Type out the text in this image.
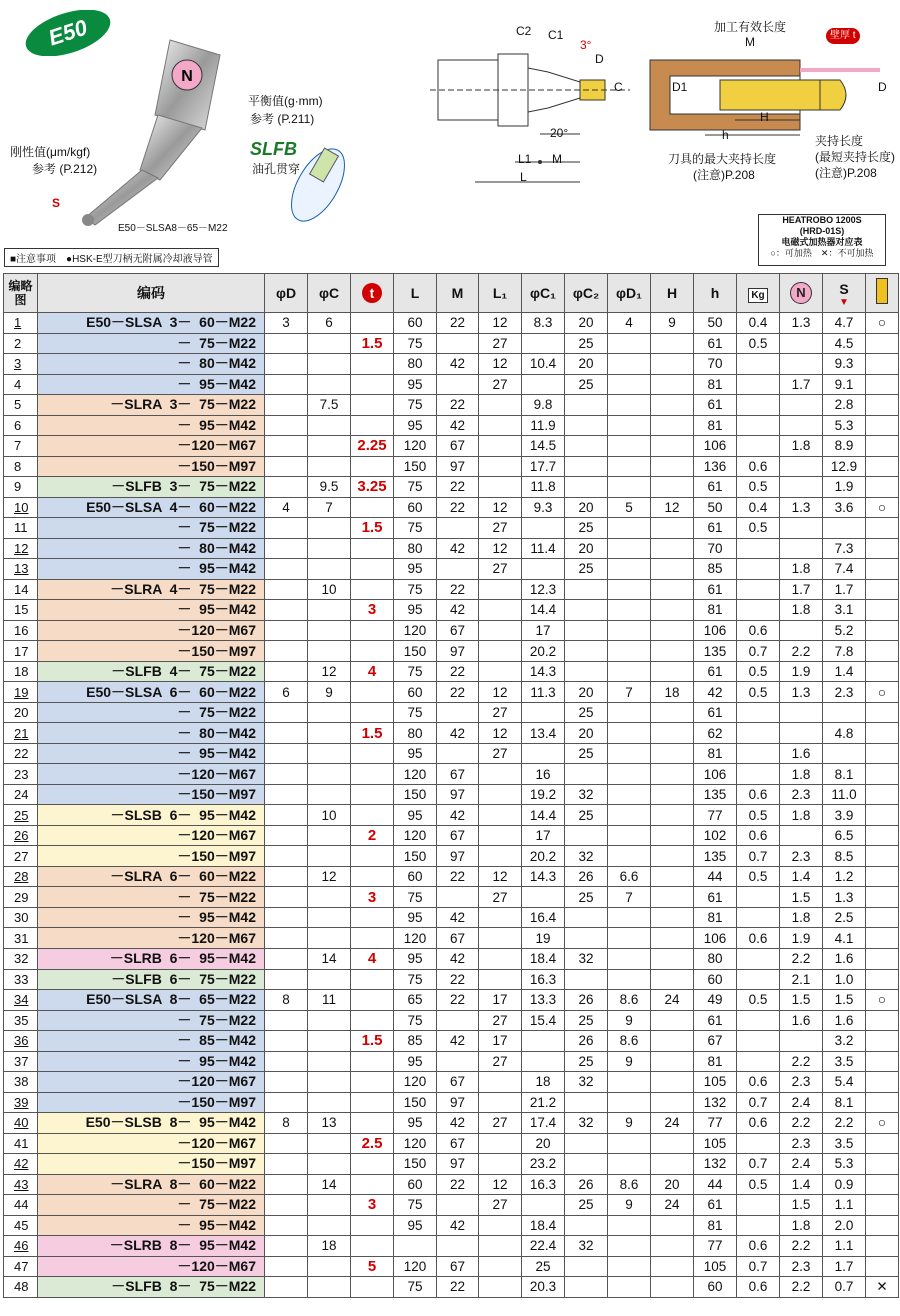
E50
N
平衡值(g·mm)
参考 (P.211)
刚性值(μm/kgf)
参考 (P.212)
S
SLFB
油孔贯穿
E50－SLSA8－65－M22
C2 C1
3°
D
C
20°
L1 M
L
加工有效长度
M	壁厚 t
D1	D
H
h	夹持长度
(最短夹持长度)
(注意)P.208
刀具的最大夹持长度
(注意)P.208
HEATROBO 1200S
(HRD-01S)
电磁式加热器对应表
○：可加热　✕：不可加热
■注意事项　●HSK-E型刀柄无附属冷却液导管
编略图	编码	φD	φC	t	L	M	L₁	φC₁	φC₂	φD₁	H	h	Kg	N	S
▼	

1	E50－SLSA  3－  60－M22	3	6		60	22	12	8.3	20	4	9	50	0.4	1.3	4.7	○
2	－  75－M22			1.5	75		27		25			61	0.5		4.5	
3	－  80－M42				80	42	12	10.4	20			70			9.3	
4	－  95－M42				95		27		25			81		1.7	9.1	
5	－SLRA  3－  75－M22		7.5		75	22		9.8				61			2.8	
6	－  95－M42				95	42		11.9				81			5.3	
7	－120－M67			2.25	120	67		14.5				106		1.8	8.9	
8	－150－M97				150	97		17.7				136	0.6		12.9	
9	－SLFB  3－  75－M22		9.5	3.25	75	22		11.8				61	0.5		1.9	
10	E50－SLSA  4－  60－M22	4	7		60	22	12	9.3	20	5	12	50	0.4	1.3	3.6	○
11	－  75－M22			1.5	75		27		25			61	0.5			
12	－  80－M42				80	42	12	11.4	20			70			7.3	
13	－  95－M42				95		27		25			85		1.8	7.4	
14	－SLRA  4－  75－M22		10		75	22		12.3				61		1.7	1.7	
15	－  95－M42			3	95	42		14.4				81		1.8	3.1	
16	－120－M67				120	67		17				106	0.6		5.2	
17	－150－M97				150	97		20.2				135	0.7	2.2	7.8	
18	－SLFB  4－  75－M22		12	4	75	22		14.3				61	0.5	1.9	1.4	
19	E50－SLSA  6－  60－M22	6	9		60	22	12	11.3	20	7	18	42	0.5	1.3	2.3	○
20	－  75－M22				75		27		25			61				
21	－  80－M42			1.5	80	42	12	13.4	20			62			4.8	
22	－  95－M42				95		27		25			81		1.6		
23	－120－M67				120	67		16				106		1.8	8.1	
24	－150－M97				150	97		19.2	32			135	0.6	2.3	11.0	
25	－SLSB  6－  95－M42		10		95	42		14.4	25			77	0.5	1.8	3.9	
26	－120－M67			2	120	67		17				102	0.6		6.5	
27	－150－M97				150	97		20.2	32			135	0.7	2.3	8.5	
28	－SLRA  6－  60－M22		12		60	22	12	14.3	26	6.6		44	0.5	1.4	1.2	
29	－  75－M22			3	75		27		25	7		61		1.5	1.3	
30	－  95－M42				95	42		16.4				81		1.8	2.5	
31	－120－M67				120	67		19				106	0.6	1.9	4.1	
32	－SLRB  6－  95－M42		14	4	95	42		18.4	32			80		2.2	1.6	
33	－SLFB  6－  75－M22				75	22		16.3				60		2.1	1.0	
34	E50－SLSA  8－  65－M22	8	11		65	22	17	13.3	26	8.6	24	49	0.5	1.5	1.5	○
35	－  75－M22				75		27	15.4	25	9		61		1.6	1.6	
36	－  85－M42			1.5	85	42	17		26	8.6		67			3.2	
37	－  95－M42				95		27		25	9		81		2.2	3.5	
38	－120－M67				120	67		18	32			105	0.6	2.3	5.4	
39	－150－M97				150	97		21.2				132	0.7	2.4	8.1	
40	E50－SLSB  8－  95－M42	8	13		95	42	27	17.4	32	9	24	77	0.6	2.2	2.2	○
41	－120－M67			2.5	120	67		20				105		2.3	3.5	
42	－150－M97				150	97		23.2				132	0.7	2.4	5.3	
43	－SLRA  8－  60－M22		14		60	22	12	16.3	26	8.6	20	44	0.5	1.4	0.9	
44	－  75－M22			3	75		27		25	9	24	61		1.5	1.1	
45	－  95－M42				95	42		18.4				81		1.8	2.0	
46	－SLRB  8－  95－M42		18					22.4	32			77	0.6	2.2	1.1	
47	－120－M67			5	120	67		25				105	0.7	2.3	1.7	
48	－SLFB  8－  75－M22				75	22		20.3				60	0.6	2.2	0.7	✕
